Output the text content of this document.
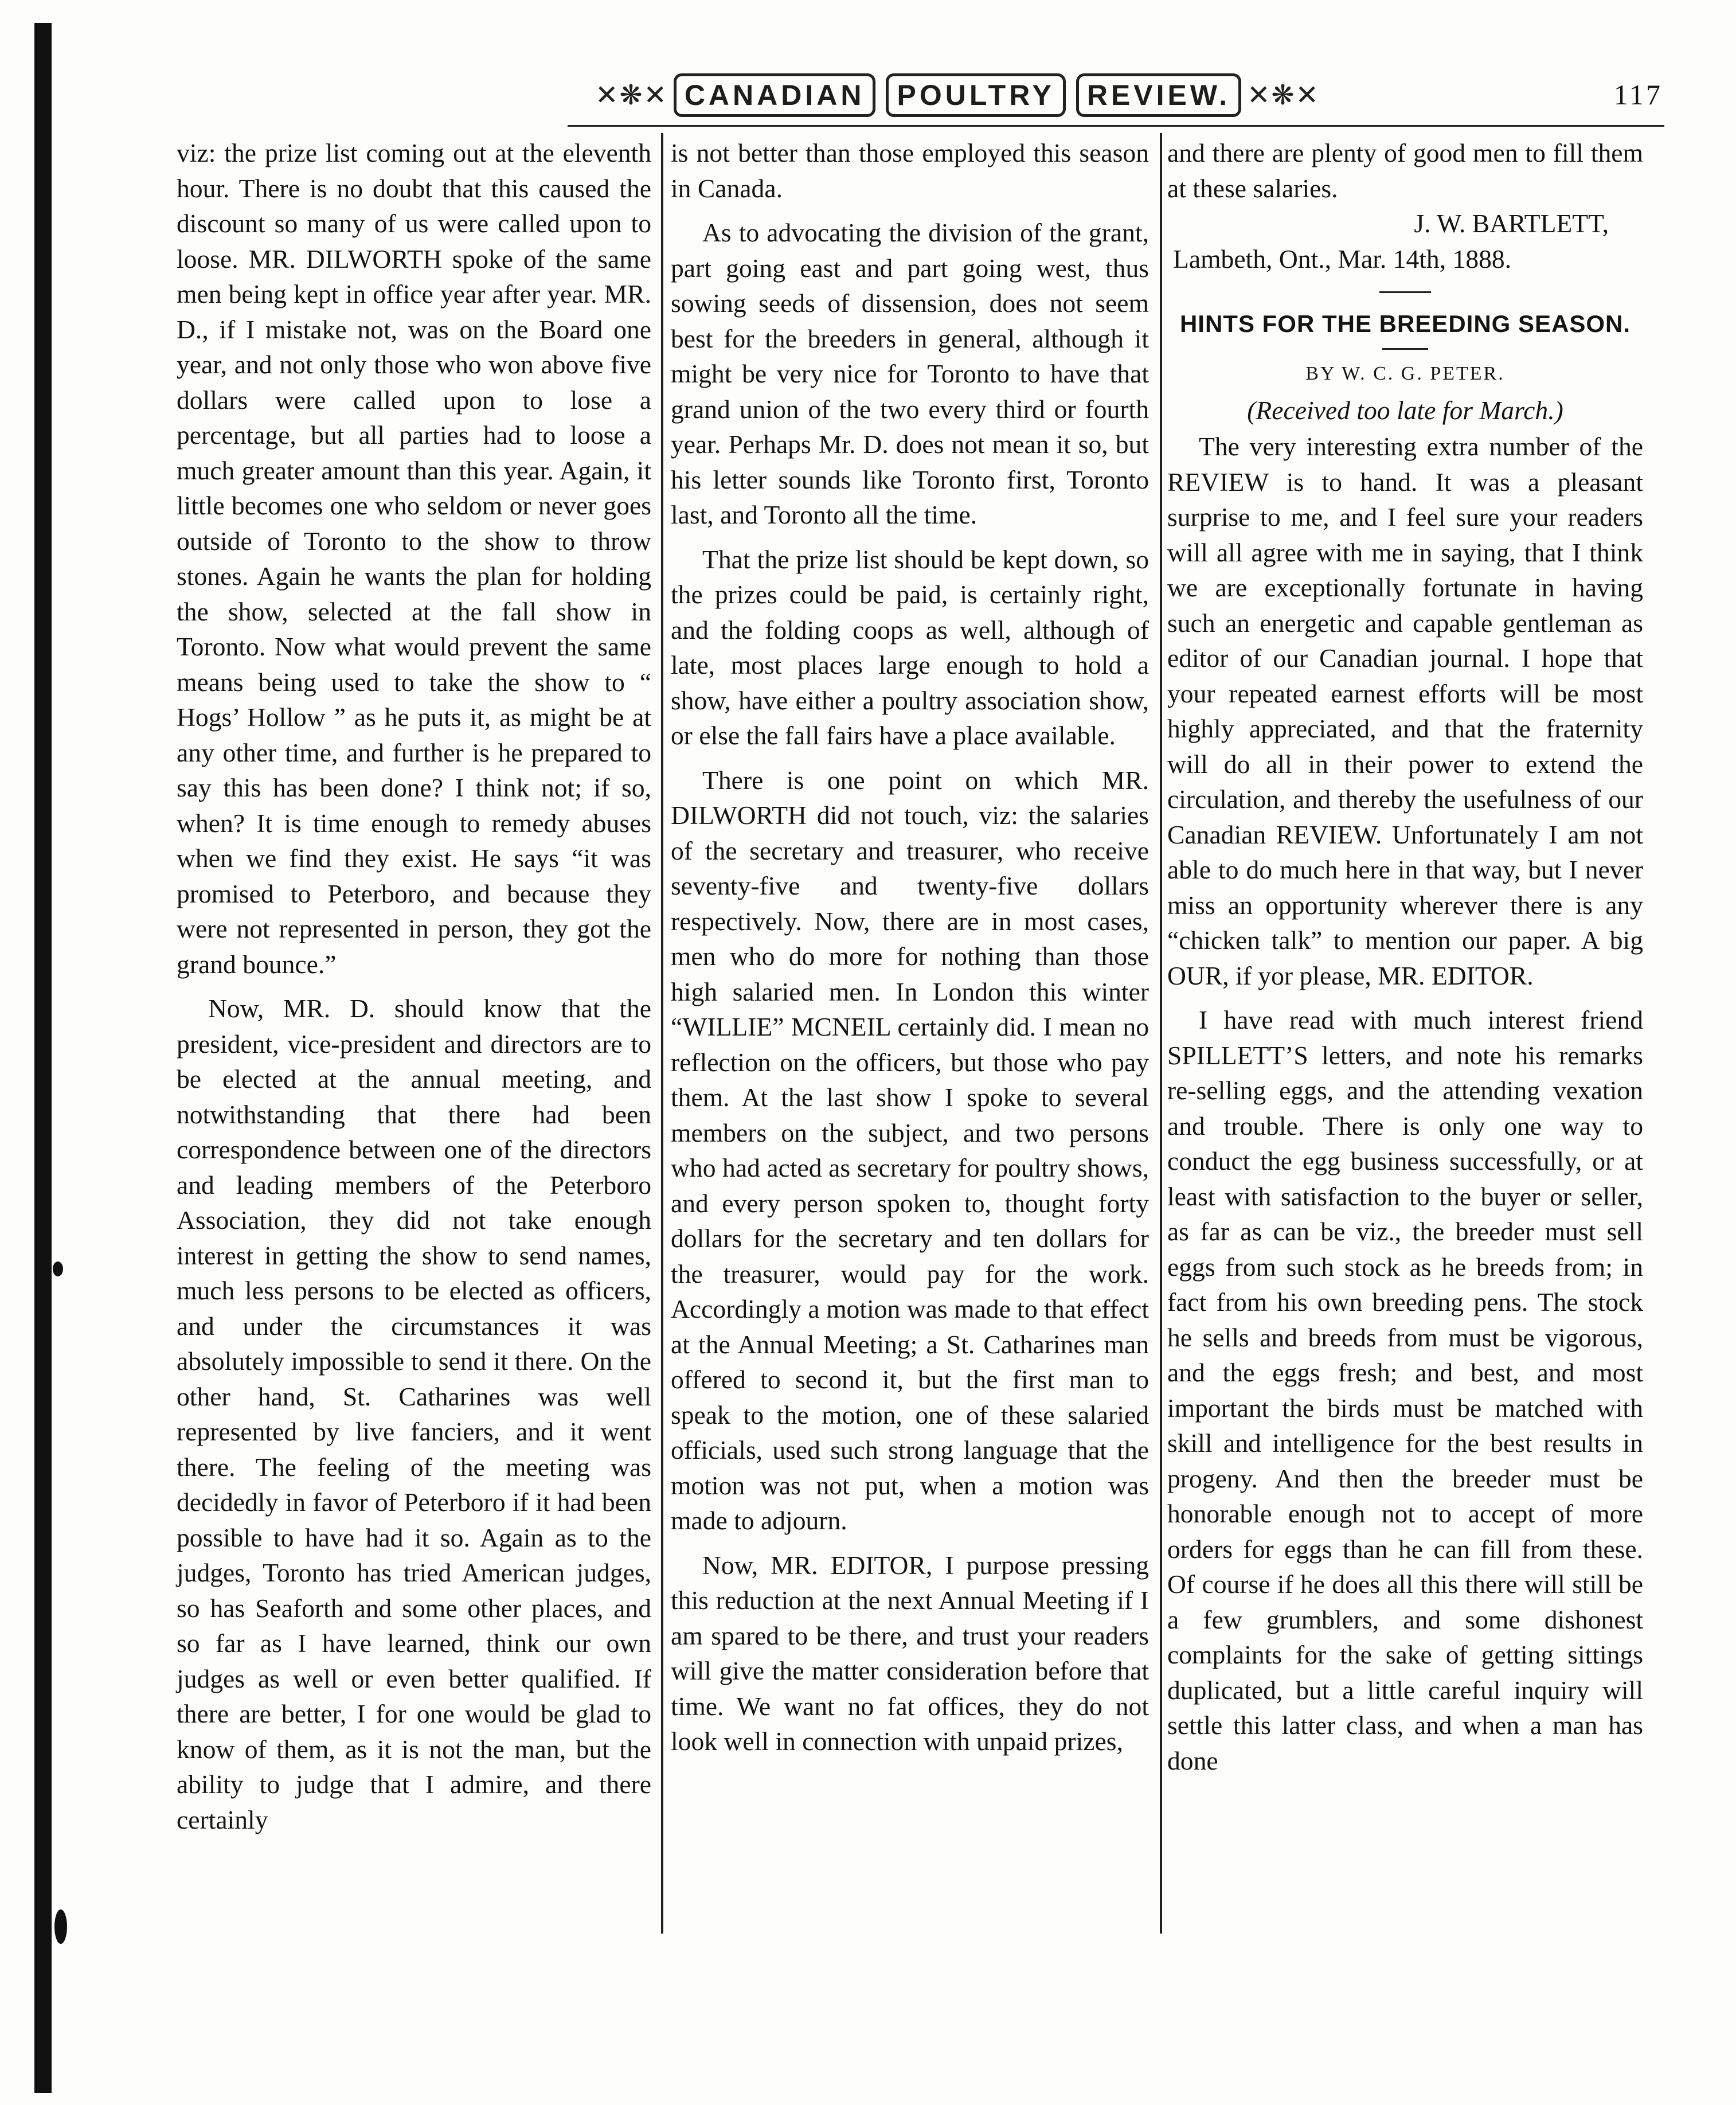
✕❋✕ CANADIAN	POULTRY	REVIEW. ✕❋✕	117

viz: the prize list coming out at the eleventh hour. There is no doubt that this caused the discount so many of us were called upon to loose. MR. DILWORTH spoke of the same men being kept in office year after year. MR. D., if I mistake not, was on the Board one year, and not only those who won above five dollars were called upon to lose a percentage, but all parties had to loose a much greater amount than this year. Again, it little becomes one who seldom or never goes outside of Toronto to the show to throw stones. Again he wants the plan for holding the show, selected at the fall show in Toronto. Now what would prevent the same means being used to take the show to “ Hogs’ Hollow ” as he puts it, as might be at any other time, and further is he prepared to say this has been done? I think not; if so, when? It is time enough to remedy abuses when we find they exist. He says “it was promised to Peterboro, and because they were not represented in person, they got the grand bounce.”

Now, MR. D. should know that the president, vice-president and directors are to be elected at the annual meeting, and notwithstanding that there had been correspondence between one of the directors and leading members of the Peterboro Association, they did not take enough interest in getting the show to send names, much less persons to be elected as officers, and under the circumstances it was absolutely impossible to send it there. On the other hand, St. Catharines was well represented by live fanciers, and it went there. The feeling of the meeting was decidedly in favor of Peterboro if it had been possible to have had it so. Again as to the judges, Toronto has tried American judges, so has Seaforth and some other places, and so far as I have learned, think our own judges as well or even better qualified. If there are better, I for one would be glad to know of them, as it is not the man, but the ability to judge that I admire, and there certainly

is not better than those employed this season in Canada.

As to advocating the division of the grant, part going east and part going west, thus sowing seeds of dissension, does not seem best for the breeders in general, although it might be very nice for Toronto to have that grand union of the two every third or fourth year. Perhaps Mr. D. does not mean it so, but his letter sounds like Toronto first, Toronto last, and Toronto all the time.

That the prize list should be kept down, so the prizes could be paid, is certainly right, and the folding coops as well, although of late, most places large enough to hold a show, have either a poultry association show, or else the fall fairs have a place available.

There is one point on which MR. DILWORTH did not touch, viz: the salaries of the secretary and treasurer, who receive seventy-five and twenty-five dollars respectively. Now, there are in most cases, men who do more for nothing than those high salaried men. In London this winter “WILLIE” MCNEIL certainly did. I mean no reflection on the officers, but those who pay them. At the last show I spoke to several members on the subject, and two persons who had acted as secretary for poultry shows, and every person spoken to, thought forty dollars for the secretary and ten dollars for the treasurer, would pay for the work. Accordingly a motion was made to that effect at the Annual Meeting; a St. Catharines man offered to second it, but the first man to speak to the motion, one of these salaried officials, used such strong language that the motion was not put, when a motion was made to adjourn.

Now, MR. EDITOR, I purpose pressing this reduction at the next Annual Meeting if I am spared to be there, and trust your readers will give the matter consideration before that time. We want no fat offices, they do not look well in connection with unpaid prizes,

and there are plenty of good men to fill them at these salaries.

J. W. BARTLETT,

Lambeth, Ont., Mar. 14th, 1888.

HINTS FOR THE BREEDING SEASON.
BY W. C. G. PETER.
(Received too late for March.)

The very interesting extra number of the REVIEW is to hand. It was a pleasant surprise to me, and I feel sure your readers will all agree with me in saying, that I think we are exceptionally fortunate in having such an energetic and capable gentleman as editor of our Canadian journal. I hope that your repeated earnest efforts will be most highly appreciated, and that the fraternity will do all in their power to extend the circulation, and thereby the usefulness of our Canadian REVIEW. Unfortunately I am not able to do much here in that way, but I never miss an opportunity wherever there is any “chicken talk” to mention our paper. A big OUR, if yor please, MR. EDITOR.

I have read with much interest friend SPILLETT’S letters, and note his remarks re-selling eggs, and the attending vexation and trouble. There is only one way to conduct the egg business successfully, or at least with satisfaction to the buyer or seller, as far as can be viz., the breeder must sell eggs from such stock as he breeds from; in fact from his own breeding pens. The stock he sells and breeds from must be vigorous, and the eggs fresh; and best, and most important the birds must be matched with skill and intelligence for the best results in progeny. And then the breeder must be honorable enough not to accept of more orders for eggs than he can fill from these. Of course if he does all this there will still be a few grumblers, and some dishonest complaints for the sake of getting sittings duplicated, but a little careful inquiry will settle this latter class, and when a man has done
